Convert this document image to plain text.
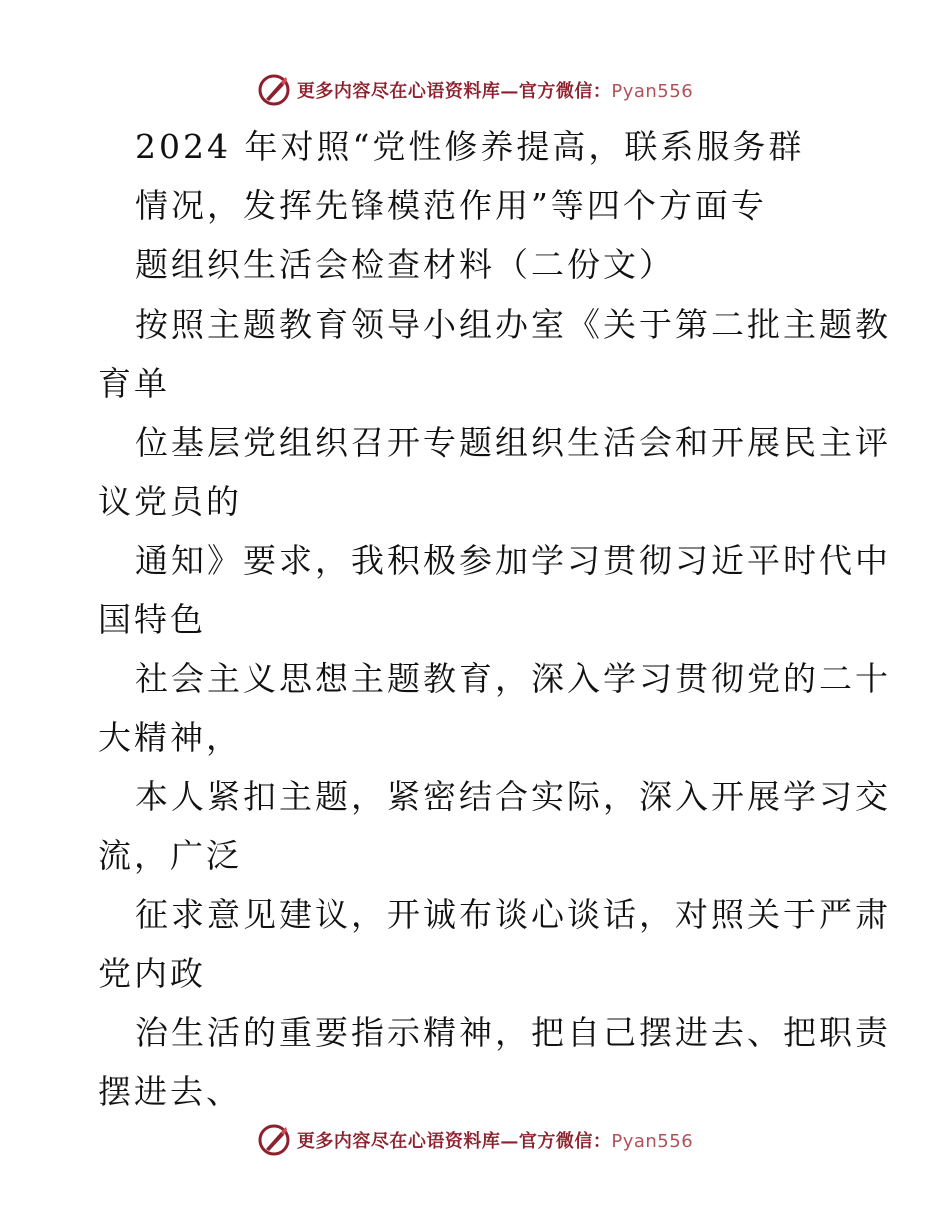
更多内容尽在心语资料库—官方微信：Pyan556
2024 年对照“党性修养提高，联系服务群
情况，发挥先锋模范作用”等四个方面专
题组织生活会检查材料（二份文）
按照主题教育领导小组办室《关于第二批主题教
育单
位基层党组织召开专题组织生活会和开展民主评
议党员的
通知》要求，我积极参加学习贯彻习近平时代中
国特色
社会主义思想主题教育，深入学习贯彻党的二十
大精神，
本人紧扣主题，紧密结合实际，深入开展学习交
流，广泛
征求意见建议，开诚布谈心谈话，对照关于严肃
党内政
治生活的重要指示精神，把自己摆进去、把职责
摆进去、
更多内容尽在心语资料库—官方微信：Pyan556
